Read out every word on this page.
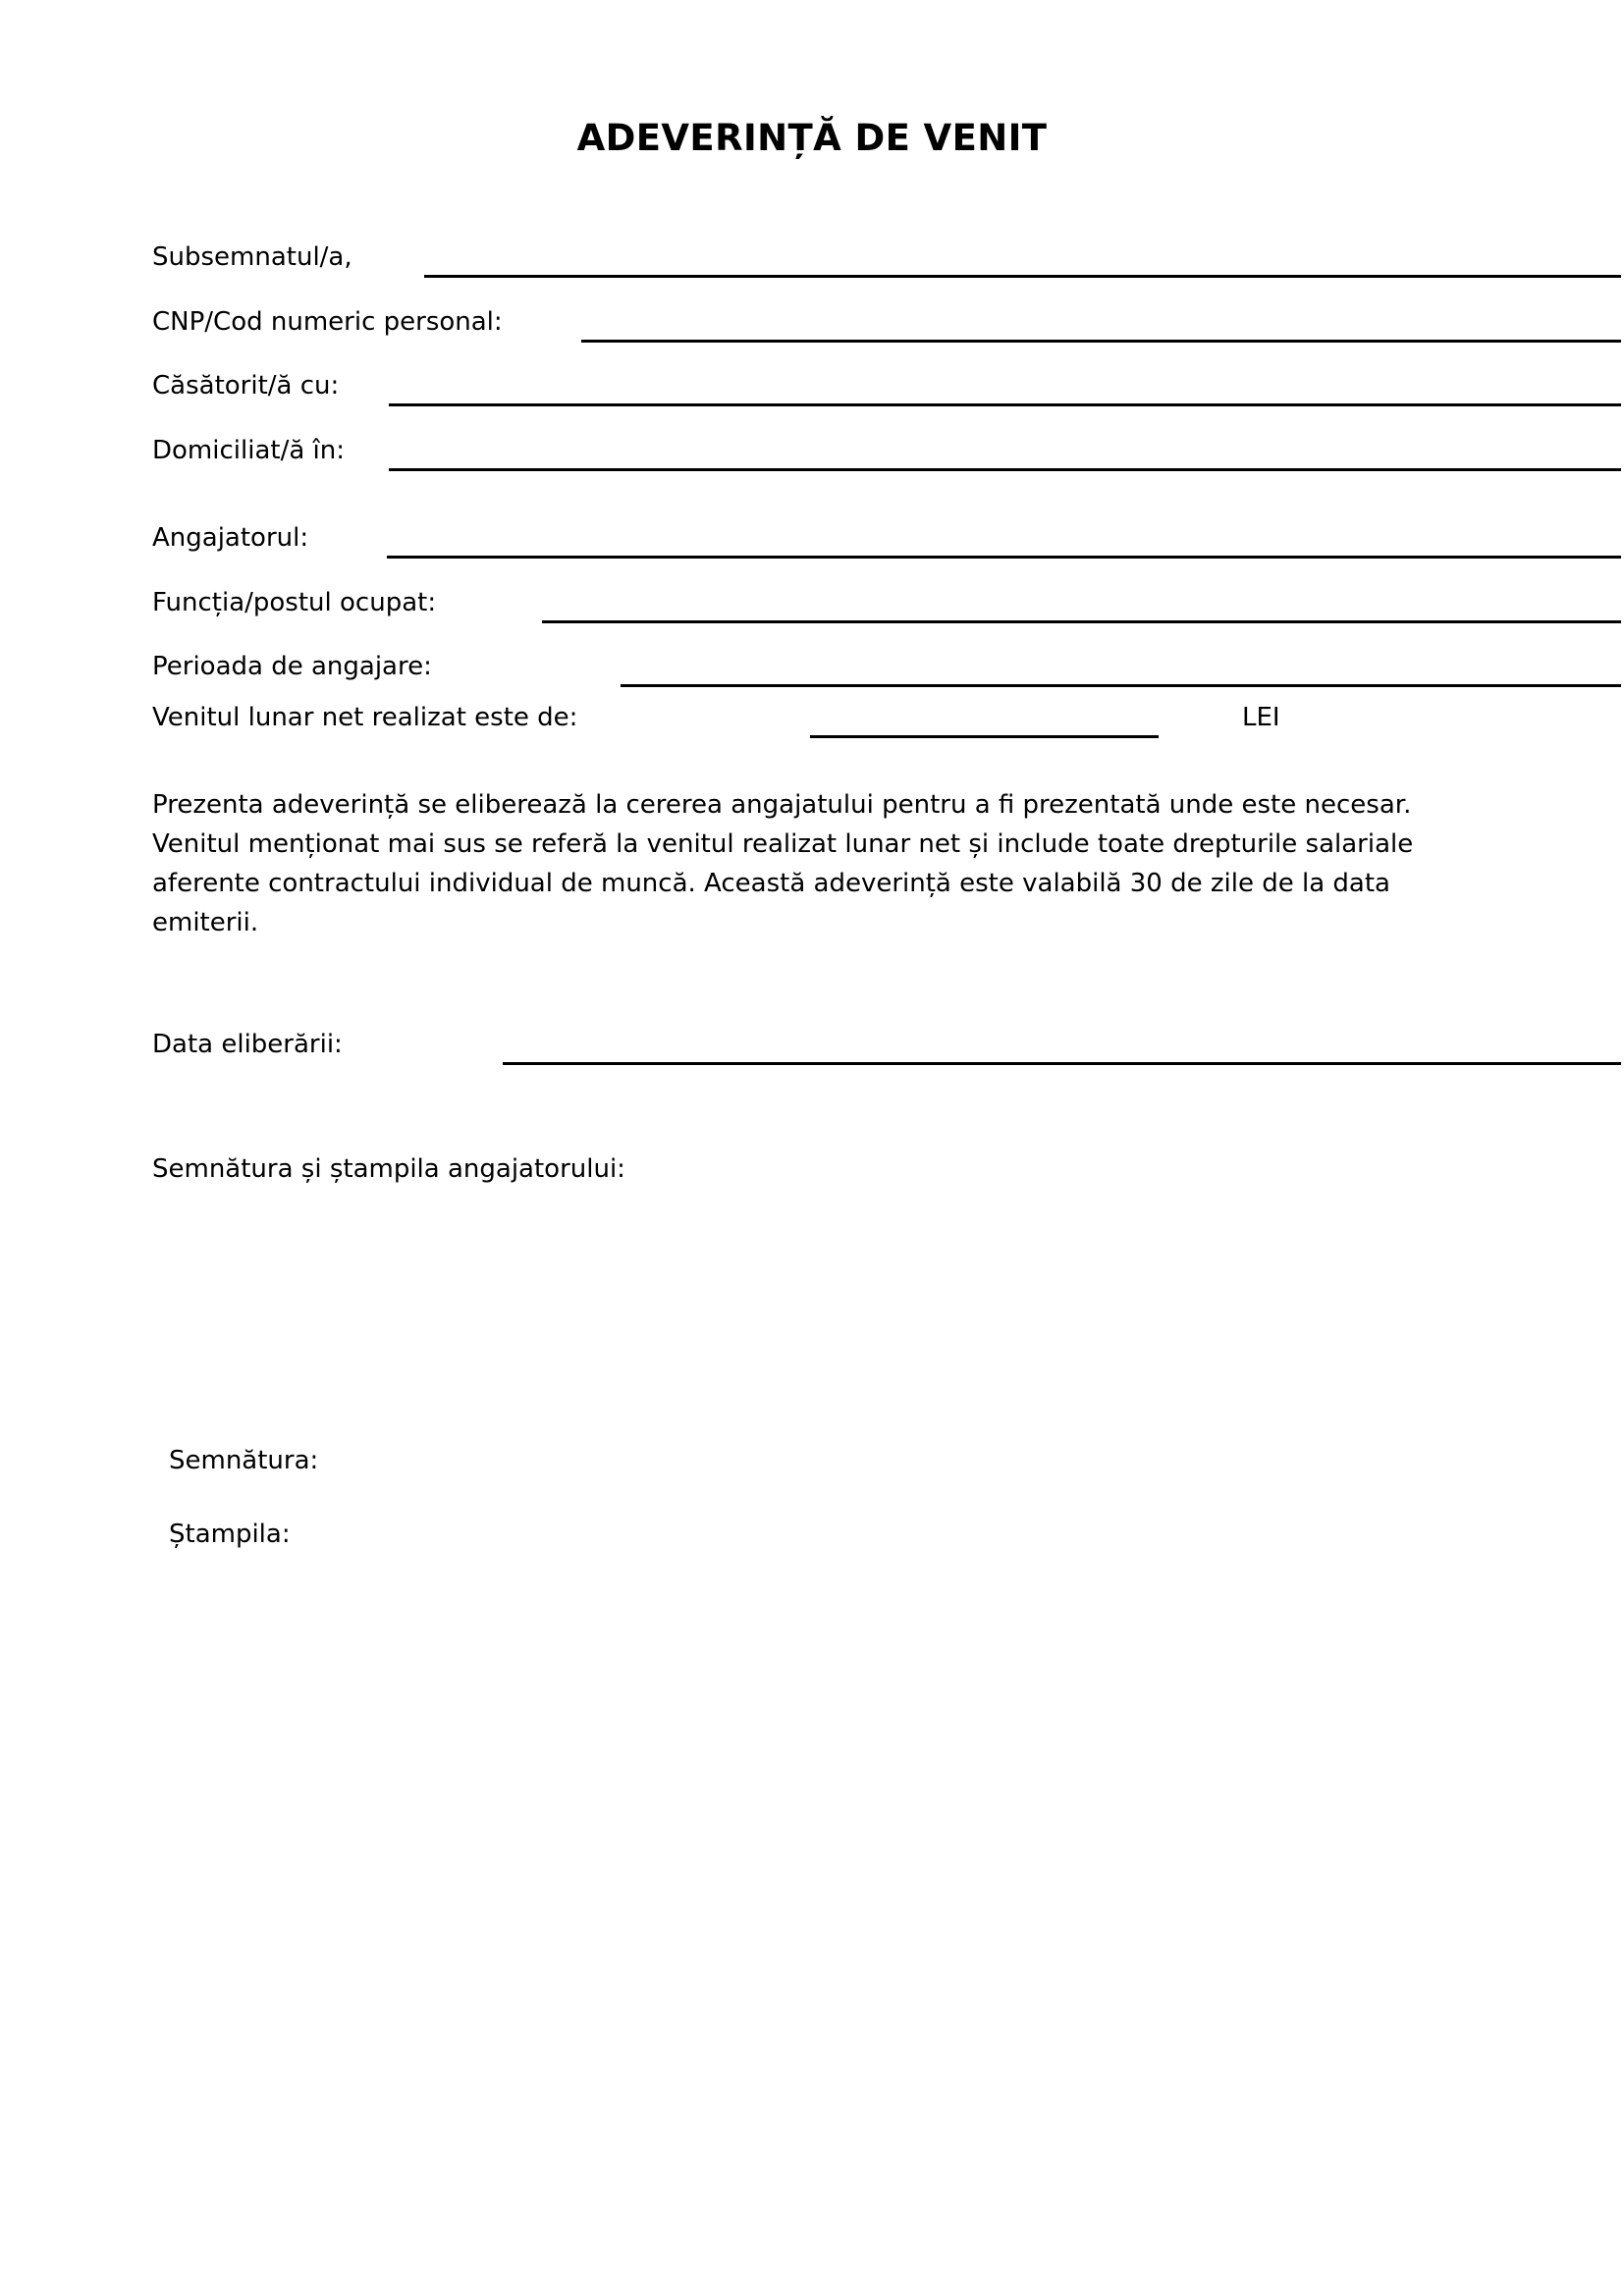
ADEVERINȚĂ DE VENIT
Subsemnatul/a,
CNP/Cod numeric personal:
Căsătorit/ă cu:
Domiciliat/ă în:
Angajatorul:
Funcția/postul ocupat:
Perioada de angajare:
Venitul lunar net realizat este de:	LEI
Prezenta adeverință se eliberează la cererea angajatului pentru a fi prezentată unde este necesar. Venitul menționat mai sus se referă la venitul realizat lunar net și include toate drepturile salariale aferente contractului individual de muncă. Această adeverință este valabilă 30 de zile de la data emiterii.
Data eliberării:
Semnătura și ștampila angajatorului:
Semnătura:
Ștampila:
